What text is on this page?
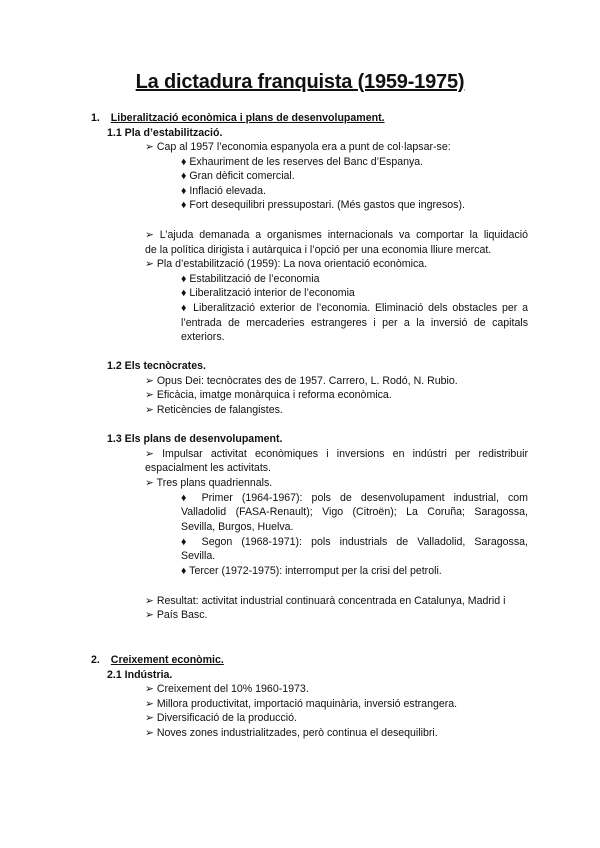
La dictadura franquista (1959-1975)
1. Liberalització econòmica i plans de desenvolupament.
1.1 Pla d’estabilització.
➢ Cap al 1957 l’economia espanyola era a punt de col·lapsar-se:
♦ Exhauriment de les reserves del Banc d’Espanya.
♦ Gran dèficit comercial.
♦ Inflació elevada.
♦ Fort desequilibri pressupostari. (Més gastos que ingresos).
➢ L’ajuda demanada a organismes internacionals va comportar la liquidació
de la política dirigista i autàrquica i l’opció per una economia lliure mercat.
➢ Pla d’estabilització (1959): La nova orientació econòmica.
♦ Estabilització de l’economia
♦ Liberalització interior de l’economia
♦ Liberalització exterior de l’economia. Eliminació dels obstacles per a
l’entrada de mercaderies estrangeres i per a la inversió de capitals
exteriors.
1.2 Els tecnòcrates.
➢ Opus Dei: tecnòcrates des de 1957. Carrero, L. Rodó, N. Rubio.
➢ Eficàcia, imatge monàrquica i reforma econòmica.
➢ Reticències de falangistes.
1.3 Els plans de desenvolupament.
➢ Impulsar activitat econòmiques i inversions en indústri per redistribuir
espacialment les activitats.
➢ Tres plans quadriennals.
♦ Primer (1964-1967): pols de desenvolupament industrial, com
Valladolid (FASA-Renault); Vigo (Citroën); La Coruña; Saragossa,
Sevilla, Burgos, Huelva.
♦ Segon (1968-1971): pols industrials de Valladolid, Saragossa,
Sevilla.
♦ Tercer (1972-1975): interromput per la crisi del petroli.
➢ Resultat: activitat industrial continuarà concentrada en Catalunya, Madrid i
➢ País Basc.
2. Creixement econòmic.
2.1 Indústria.
➢ Creixement del 10% 1960-1973.
➢ Millora productivitat, importació maquinària, inversió estrangera.
➢ Diversificació de la producció.
➢ Noves zones industrialitzades, però continua el desequilibri.
